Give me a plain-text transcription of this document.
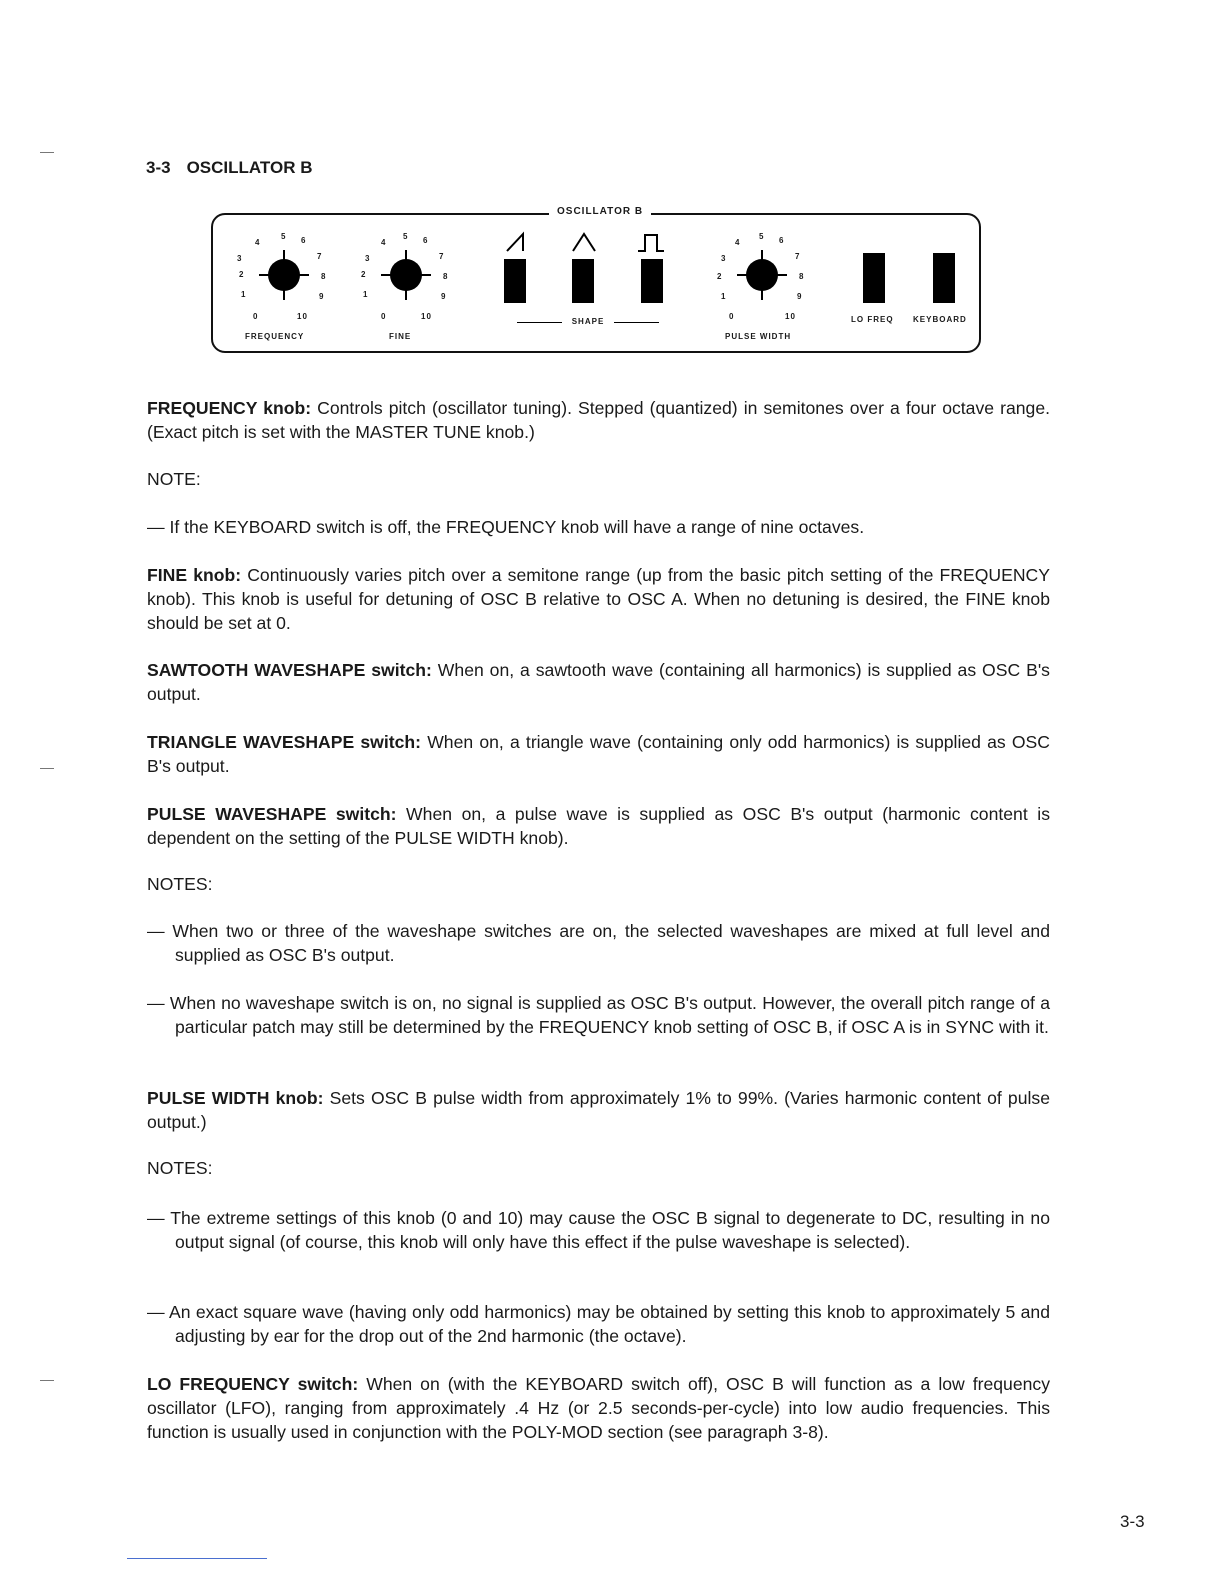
3-3 OSCILLATOR B
OSCILLATOR B
2
3
4
5 6
7
8
1	9
0	10
FREQUENCY
2
3
4
5 6
7
8
1	9
0	10
FINE
SHAPE
2
3
4
5 6
7
8
1	9
0	10
PULSE WIDTH
LO FREQ KEYBOARD

FREQUENCY knob: Controls pitch (oscillator tuning). Stepped (quantized) in semitones over a four octave range. (Exact pitch is set with the MASTER TUNE knob.)

NOTE:

— If the KEYBOARD switch is off, the FREQUENCY knob will have a range of nine octaves.

FINE knob: Continuously varies pitch over a semitone range (up from the basic pitch setting of the FREQUENCY knob). This knob is useful for detuning of OSC B relative to OSC A. When no detuning is desired, the FINE knob should be set at 0.

SAWTOOTH WAVESHAPE switch: When on, a sawtooth wave (containing all harmonics) is supplied as OSC B's output.

TRIANGLE WAVESHAPE switch: When on, a triangle wave (containing only odd harmonics) is supplied as OSC B's output.

PULSE WAVESHAPE switch: When on, a pulse wave is supplied as OSC B's output (harmonic content is dependent on the setting of the PULSE WIDTH knob).

NOTES:

— When two or three of the waveshape switches are on, the selected waveshapes are mixed at full level and supplied as OSC B's output.

— When no waveshape switch is on, no signal is supplied as OSC B's output. However, the overall pitch range of a particular patch may still be determined by the FREQUENCY knob setting of OSC B, if OSC A is in SYNC with it.

PULSE WIDTH knob: Sets OSC B pulse width from approximately 1% to 99%. (Varies harmonic content of pulse output.)

NOTES:

— The extreme settings of this knob (0 and 10) may cause the OSC B signal to degenerate to DC, resulting in no output signal (of course, this knob will only have this effect if the pulse waveshape is selected).

— An exact square wave (having only odd harmonics) may be obtained by setting this knob to approximately 5 and adjusting by ear for the drop out of the 2nd harmonic (the octave).

LO FREQUENCY switch: When on (with the KEYBOARD switch off), OSC B will function as a low frequency oscillator (LFO), ranging from approximately .4 Hz (or 2.5 seconds-per-cycle) into low audio frequencies. This function is usually used in conjunction with the POLY-MOD section (see paragraph 3-8).

3-3
